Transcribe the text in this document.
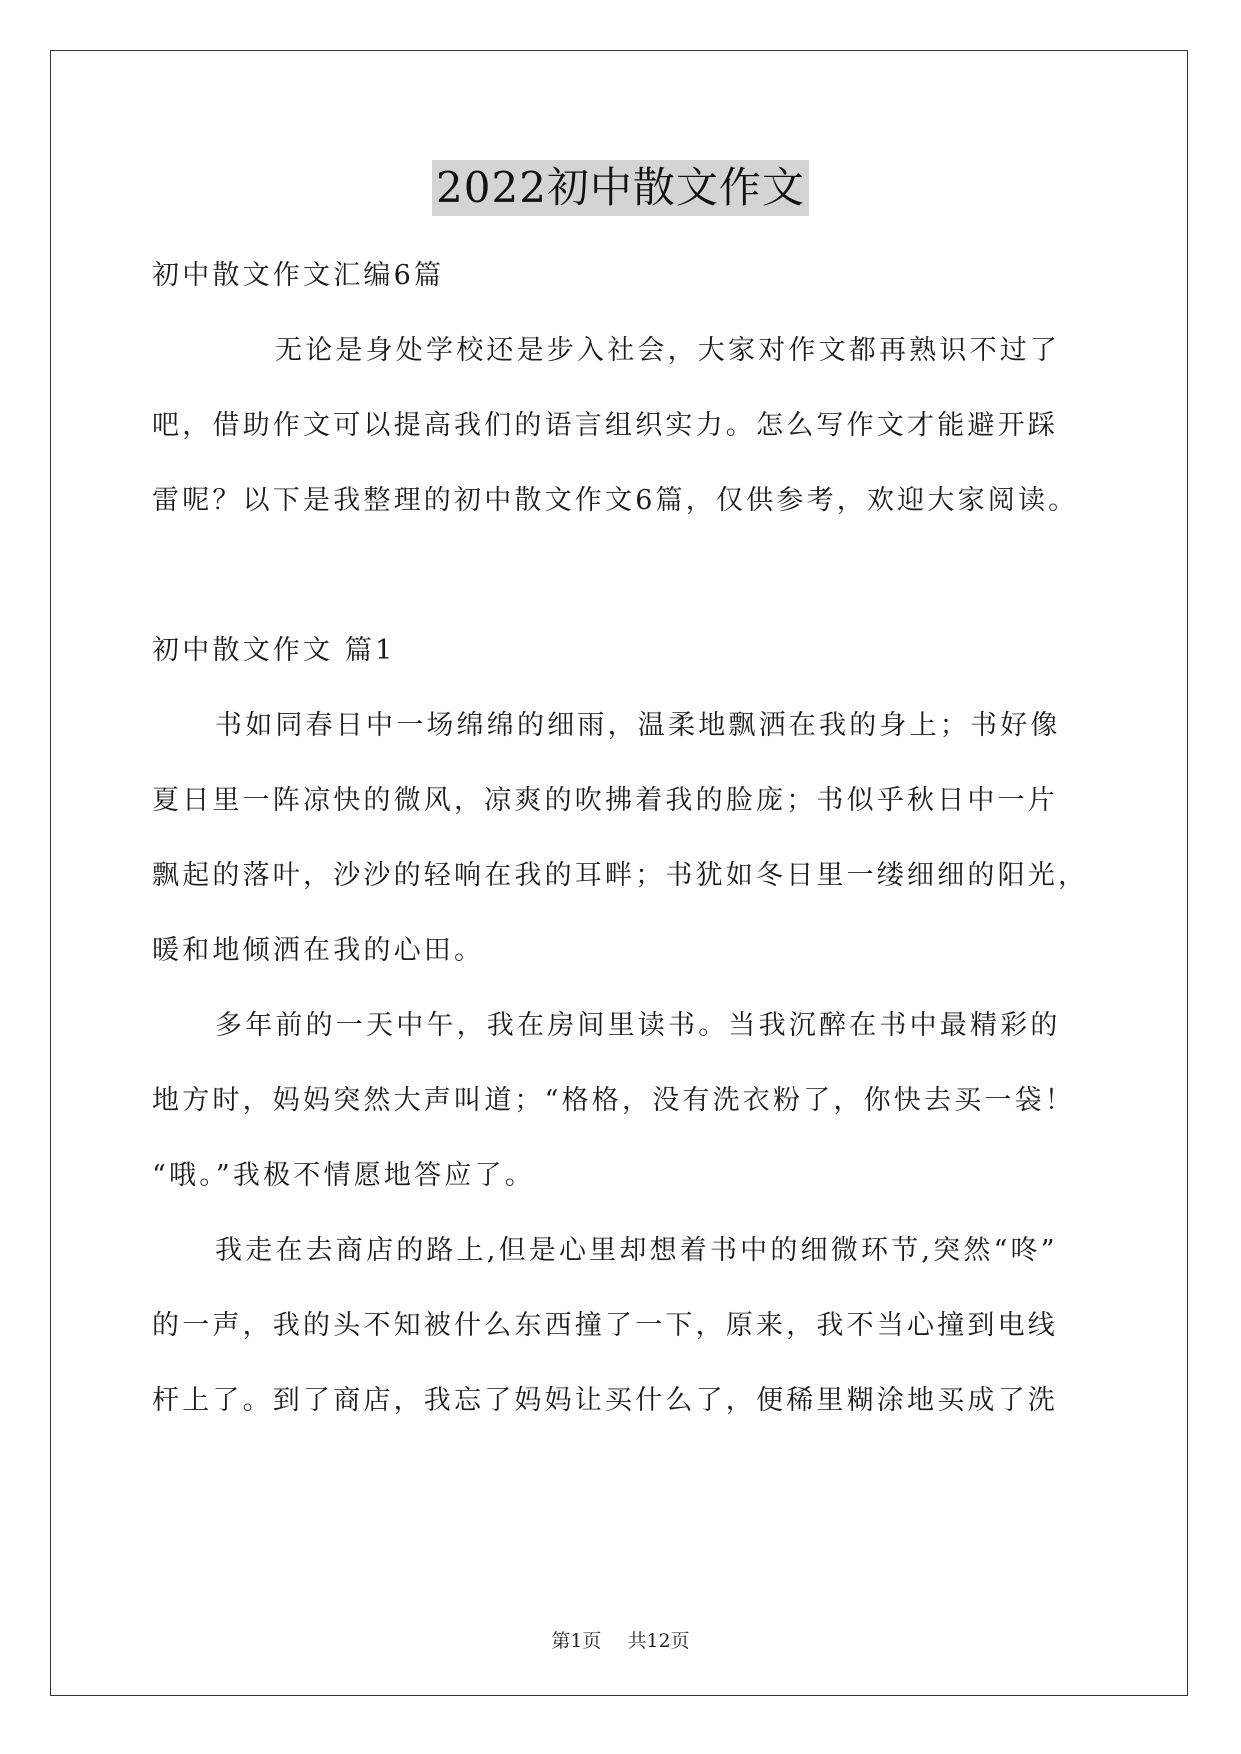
2022初中散文作文
初中散文作文汇编6篇
无论是身处学校还是步入社会，大家对作文都再熟识不过了
吧，借助作文可以提高我们的语言组织实力。怎么写作文才能避开踩
雷呢？以下是我整理的初中散文作文6篇，仅供参考，欢迎大家阅读。
初中散文作文 篇1
书如同春日中一场绵绵的细雨，温柔地飘洒在我的身上；书好像
夏日里一阵凉快的微风，凉爽的吹拂着我的脸庞；书似乎秋日中一片
飘起的落叶，沙沙的轻响在我的耳畔；书犹如冬日里一缕细细的阳光，
暖和地倾洒在我的心田。
多年前的一天中午，我在房间里读书。当我沉醉在书中最精彩的
地方时，妈妈突然大声叫道；“格格，没有洗衣粉了，你快去买一袋！
“哦。”我极不情愿地答应了。
我走在去商店的路上,但是心里却想着书中的细微环节,突然“咚”
的一声，我的头不知被什么东西撞了一下，原来，我不当心撞到电线
杆上了。到了商店，我忘了妈妈让买什么了，便稀里糊涂地买成了洗
第1页 共12页
